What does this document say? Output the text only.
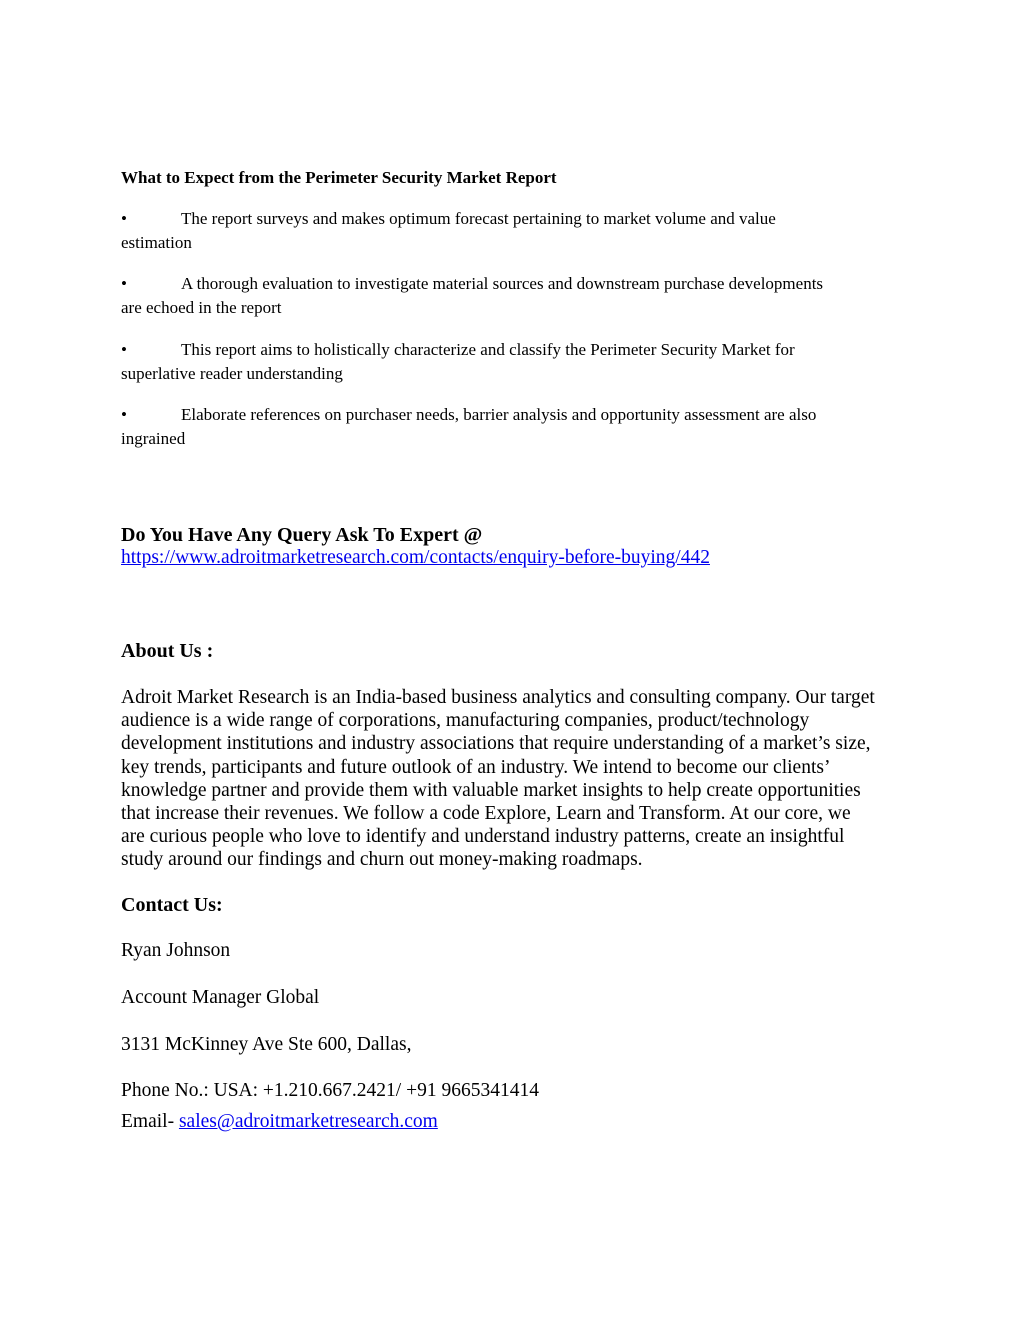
What to Expect from the Perimeter Security Market Report
•	The report surveys and makes optimum forecast pertaining to market volume and value
estimation
•	A thorough evaluation to investigate material sources and downstream purchase developments
are echoed in the report
•	This report aims to holistically characterize and classify the Perimeter Security Market for
superlative reader understanding
•	Elaborate references on purchaser needs, barrier analysis and opportunity assessment are also
ingrained
Do You Have Any Query Ask To Expert @
https://www.adroitmarketresearch.com/contacts/enquiry-before-buying/442
About Us :
Adroit Market Research is an India-based business analytics and consulting company. Our target
audience is a wide range of corporations, manufacturing companies, product/technology
development institutions and industry associations that require understanding of a market’s size,
key trends, participants and future outlook of an industry. We intend to become our clients’
knowledge partner and provide them with valuable market insights to help create opportunities
that increase their revenues. We follow a code Explore, Learn and Transform. At our core, we
are curious people who love to identify and understand industry patterns, create an insightful
study around our findings and churn out money-making roadmaps.
Contact Us:
Ryan Johnson
Account Manager Global
3131 McKinney Ave Ste 600, Dallas,
Phone No.: USA: +1.210.667.2421/ +91 9665341414
Email- sales@adroitmarketresearch.com
